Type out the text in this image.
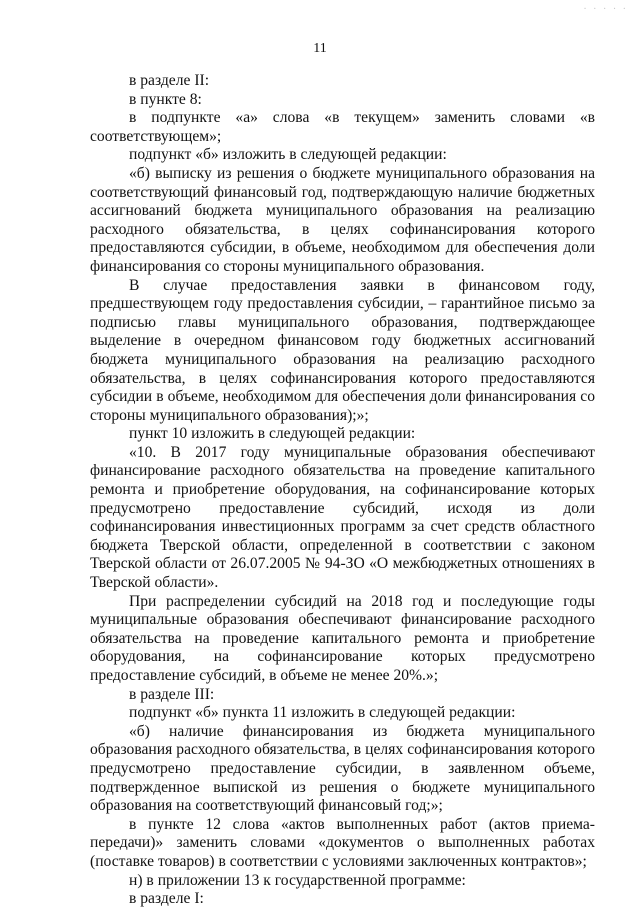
· · · · ·
11

в разделе II:

в пункте 8:

в подпункте «а» слова «в текущем» заменить словами «в соответствующем»;

подпункт «б» изложить в следующей редакции:

«б) выписку из решения о бюджете муниципального образования на соответствующий финансовый год, подтверждающую наличие бюджетных ассигнований бюджета муниципального образования на реализацию расходного обязательства, в целях софинансирования которого предоставляются субсидии, в объеме, необходимом для обеспечения доли финансирования со стороны муниципального образования.

В случае предоставления заявки в финансовом году, предшествующем году предоставления субсидии, – гарантийное письмо за подписью главы муниципального образования, подтверждающее выделение в очередном финансовом году бюджетных ассигнований бюджета муниципального образования на реализацию расходного обязательства, в целях софинансирования которого предоставляются субсидии в объеме, необходимом для обеспечения доли финансирования со стороны муниципального образования);»;

пункт 10 изложить в следующей редакции:

«10. В 2017 году муниципальные образования обеспечивают финансирование расходного обязательства на проведение капитального ремонта и приобретение оборудования, на софинансирование которых предусмотрено предоставление субсидий, исходя из доли софинансирования инвестиционных программ за счет средств областного бюджета Тверской области, определенной в соответствии с законом Тверской области от 26.07.2005 № 94-ЗО «О межбюджетных отношениях в Тверской области».

При распределении субсидий на 2018 год и последующие годы муниципальные образования обеспечивают финансирование расходного обязательства на проведение капитального ремонта и приобретение оборудования, на софинансирование которых предусмотрено предоставление субсидий, в объеме не менее 20%.»;

в разделе III:

подпункт «б» пункта 11 изложить в следующей редакции:

«б) наличие финансирования из бюджета муниципального образования расходного обязательства, в целях софинансирования которого предусмотрено предоставление субсидии, в заявленном объеме, подтвержденное выпиской из решения о бюджете муниципального образования на соответствующий финансовый год;»;

в пункте 12 слова «актов выполненных работ (актов приема-передачи)» заменить словами «документов о выполненных работах (поставке товаров) в соответствии с условиями заключенных контрактов»;

н) в приложении 13 к государственной программе:

в разделе I:
